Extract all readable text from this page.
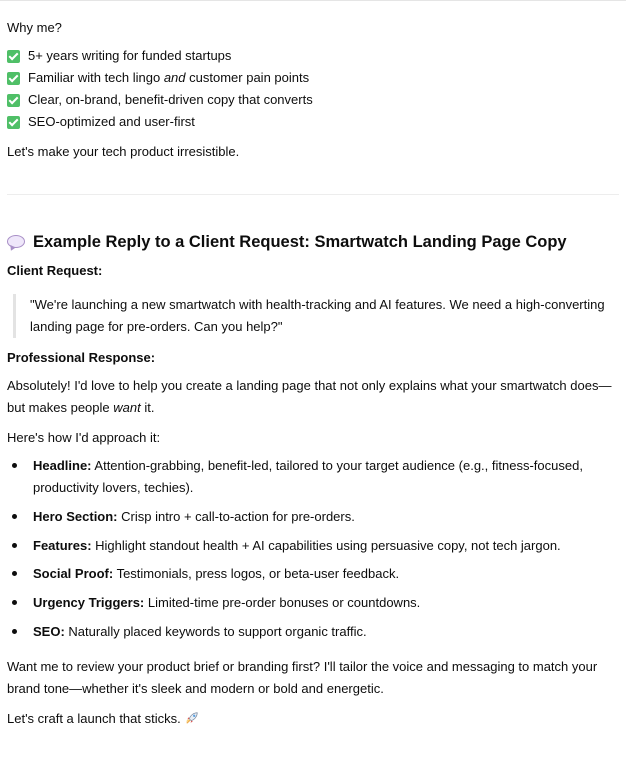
Why me?
5+ years writing for funded startups
Familiar with tech lingo and customer pain points
Clear, on-brand, benefit-driven copy that converts
SEO-optimized and user-first
Let's make your tech product irresistible.
Example Reply to a Client Request: Smartwatch Landing Page Copy
Client Request:
"We're launching a new smartwatch with health-tracking and AI features. We need a high-converting landing page for pre-orders. Can you help?"
Professional Response:
Absolutely! I'd love to help you create a landing page that not only explains what your smartwatch does—but makes people want it.
Here's how I'd approach it:
Headline: Attention-grabbing, benefit-led, tailored to your target audience (e.g., fitness-focused, productivity lovers, techies).
Hero Section: Crisp intro + call-to-action for pre-orders.
Features: Highlight standout health + AI capabilities using persuasive copy, not tech jargon.
Social Proof: Testimonials, press logos, or beta-user feedback.
Urgency Triggers: Limited-time pre-order bonuses or countdowns.
SEO: Naturally placed keywords to support organic traffic.
Want me to review your product brief or branding first? I'll tailor the voice and messaging to match your brand tone—whether it's sleek and modern or bold and energetic.
Let's craft a launch that sticks.
